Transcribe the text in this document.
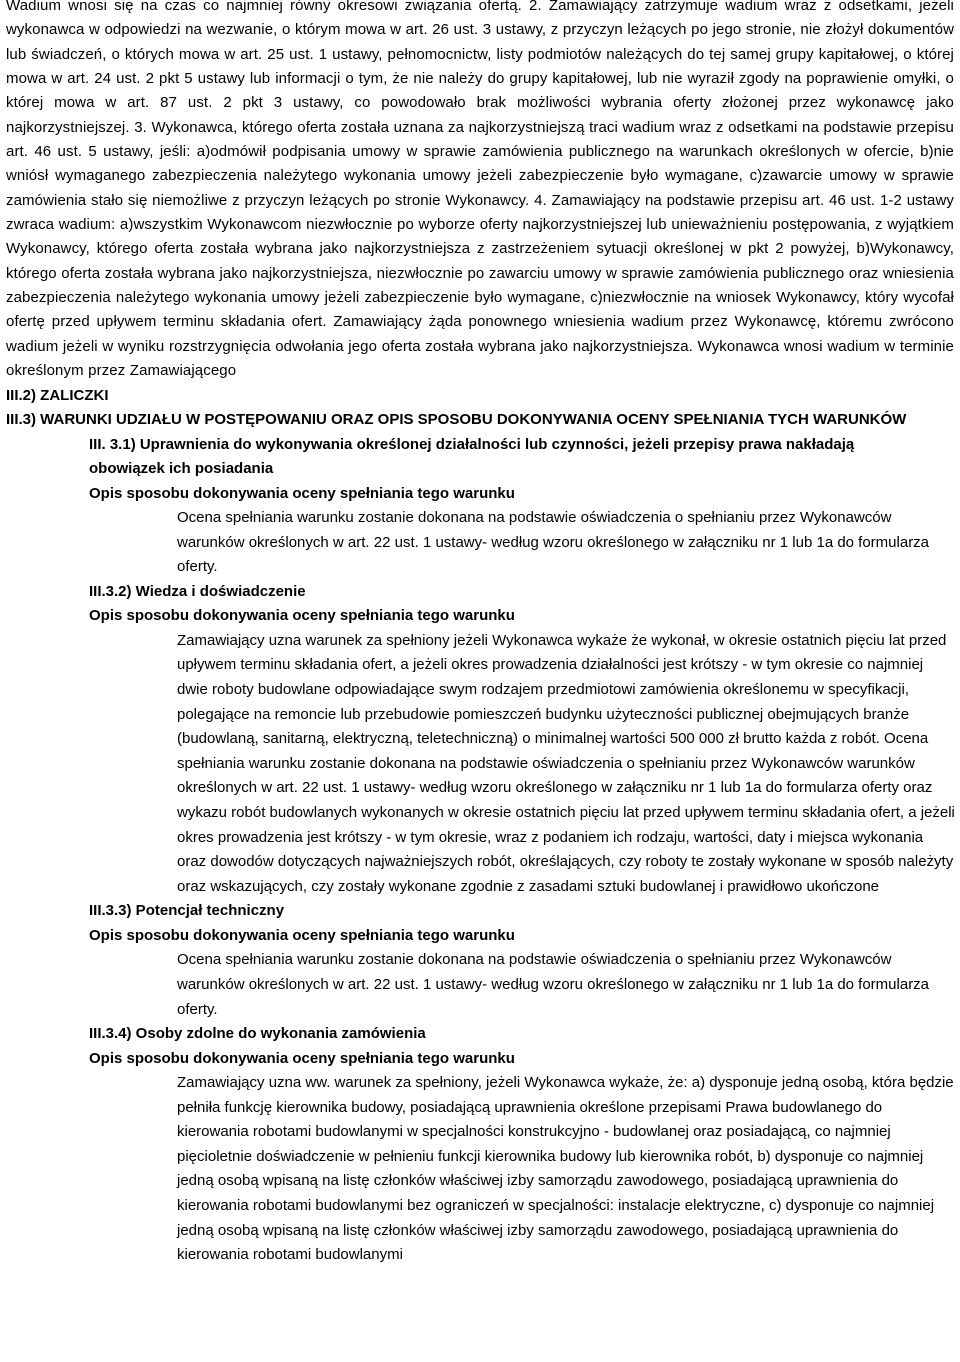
Wadium wnosi się na czas co najmniej równy okresowi związania ofertą. 2. Zamawiający zatrzymuje wadium wraz z odsetkami, jeżeli wykonawca w odpowiedzi na wezwanie, o którym mowa w art. 26 ust. 3 ustawy, z przyczyn leżących po jego stronie, nie złożył dokumentów lub świadczeń, o których mowa w art. 25 ust. 1 ustawy, pełnomocnictw, listy podmiotów należących do tej samej grupy kapitałowej, o której mowa w art. 24 ust. 2 pkt 5 ustawy lub informacji o tym, że nie należy do grupy kapitałowej, lub nie wyraził zgody na poprawienie omyłki, o której mowa w art. 87 ust. 2 pkt 3 ustawy, co powodowało brak możliwości wybrania oferty złożonej przez wykonawcę jako najkorzystniejszej. 3. Wykonawca, którego oferta została uznana za najkorzystniejszą traci wadium wraz z odsetkami na podstawie przepisu art. 46 ust. 5 ustawy, jeśli: a)odmówił podpisania umowy w sprawie zamówienia publicznego na warunkach określonych w ofercie, b)nie wniósł wymaganego zabezpieczenia należytego wykonania umowy jeżeli zabezpieczenie było wymagane, c)zawarcie umowy w sprawie zamówienia stało się niemożliwe z przyczyn leżących po stronie Wykonawcy. 4. Zamawiający na podstawie przepisu art. 46 ust. 1-2 ustawy zwraca wadium: a)wszystkim Wykonawcom niezwłocznie po wyborze oferty najkorzystniejszej lub unieważnieniu postępowania, z wyjątkiem Wykonawcy, którego oferta została wybrana jako najkorzystniejsza z zastrzeżeniem sytuacji określonej w pkt 2 powyżej, b)Wykonawcy, którego oferta została wybrana jako najkorzystniejsza, niezwłocznie po zawarciu umowy w sprawie zamówienia publicznego oraz wniesienia zabezpieczenia należytego wykonania umowy jeżeli zabezpieczenie było wymagane, c)niezwłocznie na wniosek Wykonawcy, który wycofał ofertę przed upływem terminu składania ofert. Zamawiający żąda ponownego wniesienia wadium przez Wykonawcę, któremu zwrócono wadium jeżeli w wyniku rozstrzygnięcia odwołania jego oferta została wybrana jako najkorzystniejsza. Wykonawca wnosi wadium w terminie określonym przez Zamawiającego

III.2) ZALICZKI

III.3) WARUNKI UDZIAŁU W POSTĘPOWANIU ORAZ OPIS SPOSOBU DOKONYWANIA OCENY SPEŁNIANIA TYCH WARUNKÓW

III. 3.1) Uprawnienia do wykonywania określonej działalności lub czynności, jeżeli przepisy prawa nakładają obowiązek ich posiadania

Opis sposobu dokonywania oceny spełniania tego warunku

Ocena spełniania warunku zostanie dokonana na podstawie oświadczenia o spełnianiu przez Wykonawców warunków określonych w art. 22 ust. 1 ustawy- według wzoru określonego w załączniku nr 1 lub 1a do formularza oferty.

III.3.2) Wiedza i doświadczenie

Opis sposobu dokonywania oceny spełniania tego warunku

Zamawiający uzna warunek za spełniony jeżeli Wykonawca wykaże że wykonał, w okresie ostatnich pięciu lat przed upływem terminu składania ofert, a jeżeli okres prowadzenia działalności jest krótszy - w tym okresie co najmniej dwie roboty budowlane odpowiadające swym rodzajem przedmiotowi zamówienia określonemu w specyfikacji, polegające na remoncie lub przebudowie pomieszczeń budynku użyteczności publicznej obejmujących branże (budowlaną, sanitarną, elektryczną, teletechniczną) o minimalnej wartości 500 000 zł brutto każda z robót. Ocena spełniania warunku zostanie dokonana na podstawie oświadczenia o spełnianiu przez Wykonawców warunków określonych w art. 22 ust. 1 ustawy- według wzoru określonego w załączniku nr 1 lub 1a do formularza oferty oraz wykazu robót budowlanych wykonanych w okresie ostatnich pięciu lat przed upływem terminu składania ofert, a jeżeli okres prowadzenia jest krótszy - w tym okresie, wraz z podaniem ich rodzaju, wartości, daty i miejsca wykonania oraz dowodów dotyczących najważniejszych robót, określających, czy roboty te zostały wykonane w sposób należyty oraz wskazujących, czy zostały wykonane zgodnie z zasadami sztuki budowlanej i prawidłowo ukończone

III.3.3) Potencjał techniczny

Opis sposobu dokonywania oceny spełniania tego warunku

Ocena spełniania warunku zostanie dokonana na podstawie oświadczenia o spełnianiu przez Wykonawców warunków określonych w art. 22 ust. 1 ustawy- według wzoru określonego w załączniku nr 1 lub 1a do formularza oferty.

III.3.4) Osoby zdolne do wykonania zamówienia

Opis sposobu dokonywania oceny spełniania tego warunku

Zamawiający uzna ww. warunek za spełniony, jeżeli Wykonawca wykaże, że: a) dysponuje jedną osobą, która będzie pełniła funkcję kierownika budowy, posiadającą uprawnienia określone przepisami Prawa budowlanego do kierowania robotami budowlanymi w specjalności konstrukcyjno - budowlanej oraz posiadającą, co najmniej pięcioletnie doświadczenie w pełnieniu funkcji kierownika budowy lub kierownika robót, b) dysponuje co najmniej jedną osobą wpisaną na listę członków właściwej izby samorządu zawodowego, posiadającą uprawnienia do kierowania robotami budowlanymi bez ograniczeń w specjalności: instalacje elektryczne, c) dysponuje co najmniej jedną osobą wpisaną na listę członków właściwej izby samorządu zawodowego, posiadającą uprawnienia do kierowania robotami budowlanymi
